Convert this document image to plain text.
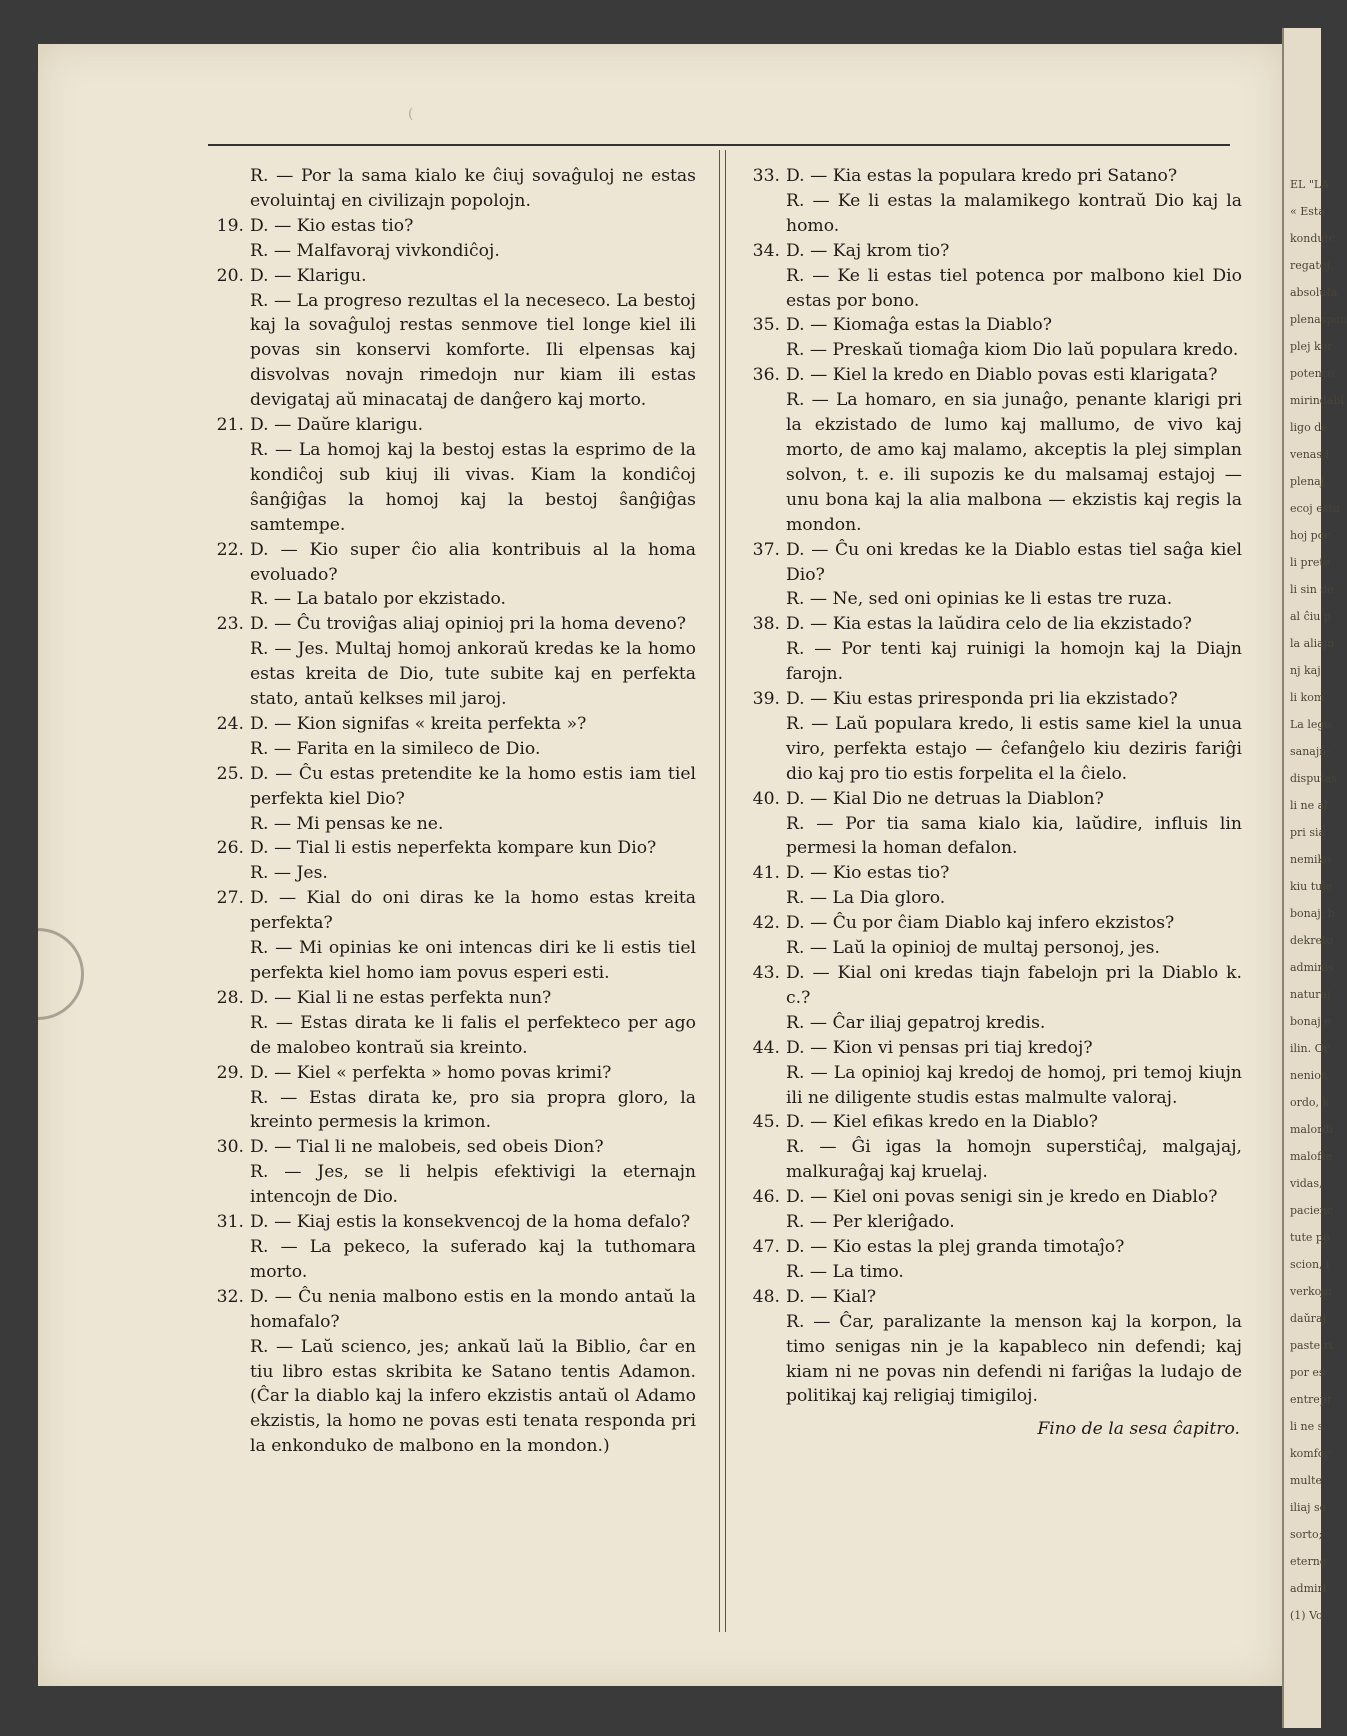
EL "LA
« Esta
kondutc
regatoj.
absoluta
plenaspon
plej kor
potenco
mirindabl
ligo de
venas i
plenaj
ecoj estu
hoj por
li prete
li sin de
al ĉiu p
la aliajn
nj kaj
li kom
La lego,
sanajn;
disputas
li ne al
pri sia
nemiko
kiu tuje
bonaj; b
dekreto
adminis
naturaj
bonaj e
ilin. Or
nenion
ordo, k
malordi
malofte
vidas,
pacienc
tute pe
scion, l
verkojn
daŭraj
paste ri
por es
entrepr
li ne s
komfor
multe
iliaj se
sorto;
eterne
admiri
(1) Vo
(

R. — Por la sama kialo ke ĉiuj sovaĝuloj ne estas evoluintaj en civilizajn popolojn.

19. D. — Kio estas tio?

R. — Malfavoraj vivkondiĉoj.

20. D. — Klarigu.

R. — La progreso rezultas el la neceseco. La bestoj kaj la sovaĝuloj restas senmove tiel longe kiel ili povas sin konservi komforte. Ili elpensas kaj disvolvas novajn rimedojn nur kiam ili estas devigataj aŭ minacataj de danĝero kaj morto.

21. D. — Daŭre klarigu.

R. — La homoj kaj la bestoj estas la esprimo de la kondiĉoj sub kiuj ili vivas. Kiam la kondiĉoj ŝanĝiĝas la homoj kaj la bestoj ŝanĝiĝas samtempe.

22. D. — Kio super ĉio alia kontribuis al la homa evoluado?

R. — La batalo por ekzistado.

23. D. — Ĉu troviĝas aliaj opinioj pri la homa deveno?

R. — Jes. Multaj homoj ankoraŭ kredas ke la homo estas kreita de Dio, tute subite kaj en perfekta stato, antaŭ kelkses mil jaroj.

24. D. — Kion signifas « kreita perfekta »?

R. — Farita en la simileco de Dio.

25. D. — Ĉu estas pretendite ke la homo estis iam tiel perfekta kiel Dio?

R. — Mi pensas ke ne.

26. D. — Tial li estis neperfekta kompare kun Dio?

R. — Jes.

27. D. — Kial do oni diras ke la homo estas kreita perfekta?

R. — Mi opinias ke oni intencas diri ke li estis tiel perfekta kiel homo iam povus esperi esti.

28. D. — Kial li ne estas perfekta nun?

R. — Estas dirata ke li falis el perfekteco per ago de malobeo kontraŭ sia kreinto.

29. D. — Kiel « perfekta » homo povas krimi?

R. — Estas dirata ke, pro sia propra gloro, la kreinto permesis la krimon.

30. D. — Tial li ne malobeis, sed obeis Dion?

R. — Jes, se li helpis efektivigi la eternajn intencojn de Dio.

31. D. — Kiaj estis la konsekvencoj de la homa defalo?

R. — La pekeco, la suferado kaj la tuthomara morto.

32. D. — Ĉu nenia malbono estis en la mondo antaŭ la homafalo?

R. — Laŭ scienco, jes; ankaŭ laŭ la Biblio, ĉar en tiu libro estas skribita ke Satano tentis Adamon. (Ĉar la diablo kaj la infero ekzistis antaŭ ol Adamo ekzistis, la homo ne povas esti tenata responda pri la enkonduko de malbono en la mondon.)

33. D. — Kia estas la populara kredo pri Satano?

R. — Ke li estas la malamikego kontraŭ Dio kaj la homo.

34. D. — Kaj krom tio?

R. — Ke li estas tiel potenca por malbono kiel Dio estas por bono.

35. D. — Kiomaĝa estas la Diablo?

R. — Preskaŭ tiomaĝa kiom Dio laŭ populara kredo.

36. D. — Kiel la kredo en Diablo povas esti klarigata?

R. — La homaro, en sia junaĝo, penante klarigi pri la ekzistado de lumo kaj mallumo, de vivo kaj morto, de amo kaj malamo, akceptis la plej simplan solvon, t. e. ili supozis ke du malsamaj estajoj — unu bona kaj la alia malbona — ekzistis kaj regis la mondon.

37. D. — Ĉu oni kredas ke la Diablo estas tiel saĝa kiel Dio?

R. — Ne, sed oni opinias ke li estas tre ruza.

38. D. — Kia estas la laŭdira celo de lia ekzistado?

R. — Por tenti kaj ruinigi la homojn kaj la Diajn farojn.

39. D. — Kiu estas prirespondа pri lia ekzistado?

R. — Laŭ populara kredo, li estis same kiel la unua viro, perfekta estajo — ĉefanĝelo kiu deziris fariĝi dio kaj pro tio estis forpelita el la ĉielo.

40. D. — Kial Dio ne detruas la Diablon?

R. — Por tia sama kialo kia, laŭdire, influis lin permesi la homan defalon.

41. D. — Kio estas tio?

R. — La Dia gloro.

42. D. — Ĉu por ĉiam Diablo kaj infero ekzistos?

R. — Laŭ la opinioj de multaj personoj, jes.

43. D. — Kial oni kredas tiajn fabelojn pri la Diablo k. c.?

R. — Ĉar iliaj gepatroj kredis.

44. D. — Kion vi pensas pri tiaj kredoj?

R. — La opinioj kaj kredoj de homoj, pri temoj kiujn ili ne diligente studis estas malmulte valoraj.

45. D. — Kiel efikas kredo en la Diablo?

R. — Ĝi igas la homojn superstiĉaj, malgajaj, malkuraĝaj kaj kruelaj.

46. D. — Kiel oni povas senigi sin je kredo en Diablo?

R. — Per kleriĝado.

47. D. — Kio estas la plej granda timotaĵo?

R. — La timo.

48. D. — Kial?

R. — Ĉar, paralizante la menson kaj la korpon, la timo senigas nin je la kapableco nin defendi; kaj kiam ni ne povas nin defendi ni fariĝas la ludajo de politikaj kaj religiaj timigiloj.

Fino de la sesa ĉapitro.
